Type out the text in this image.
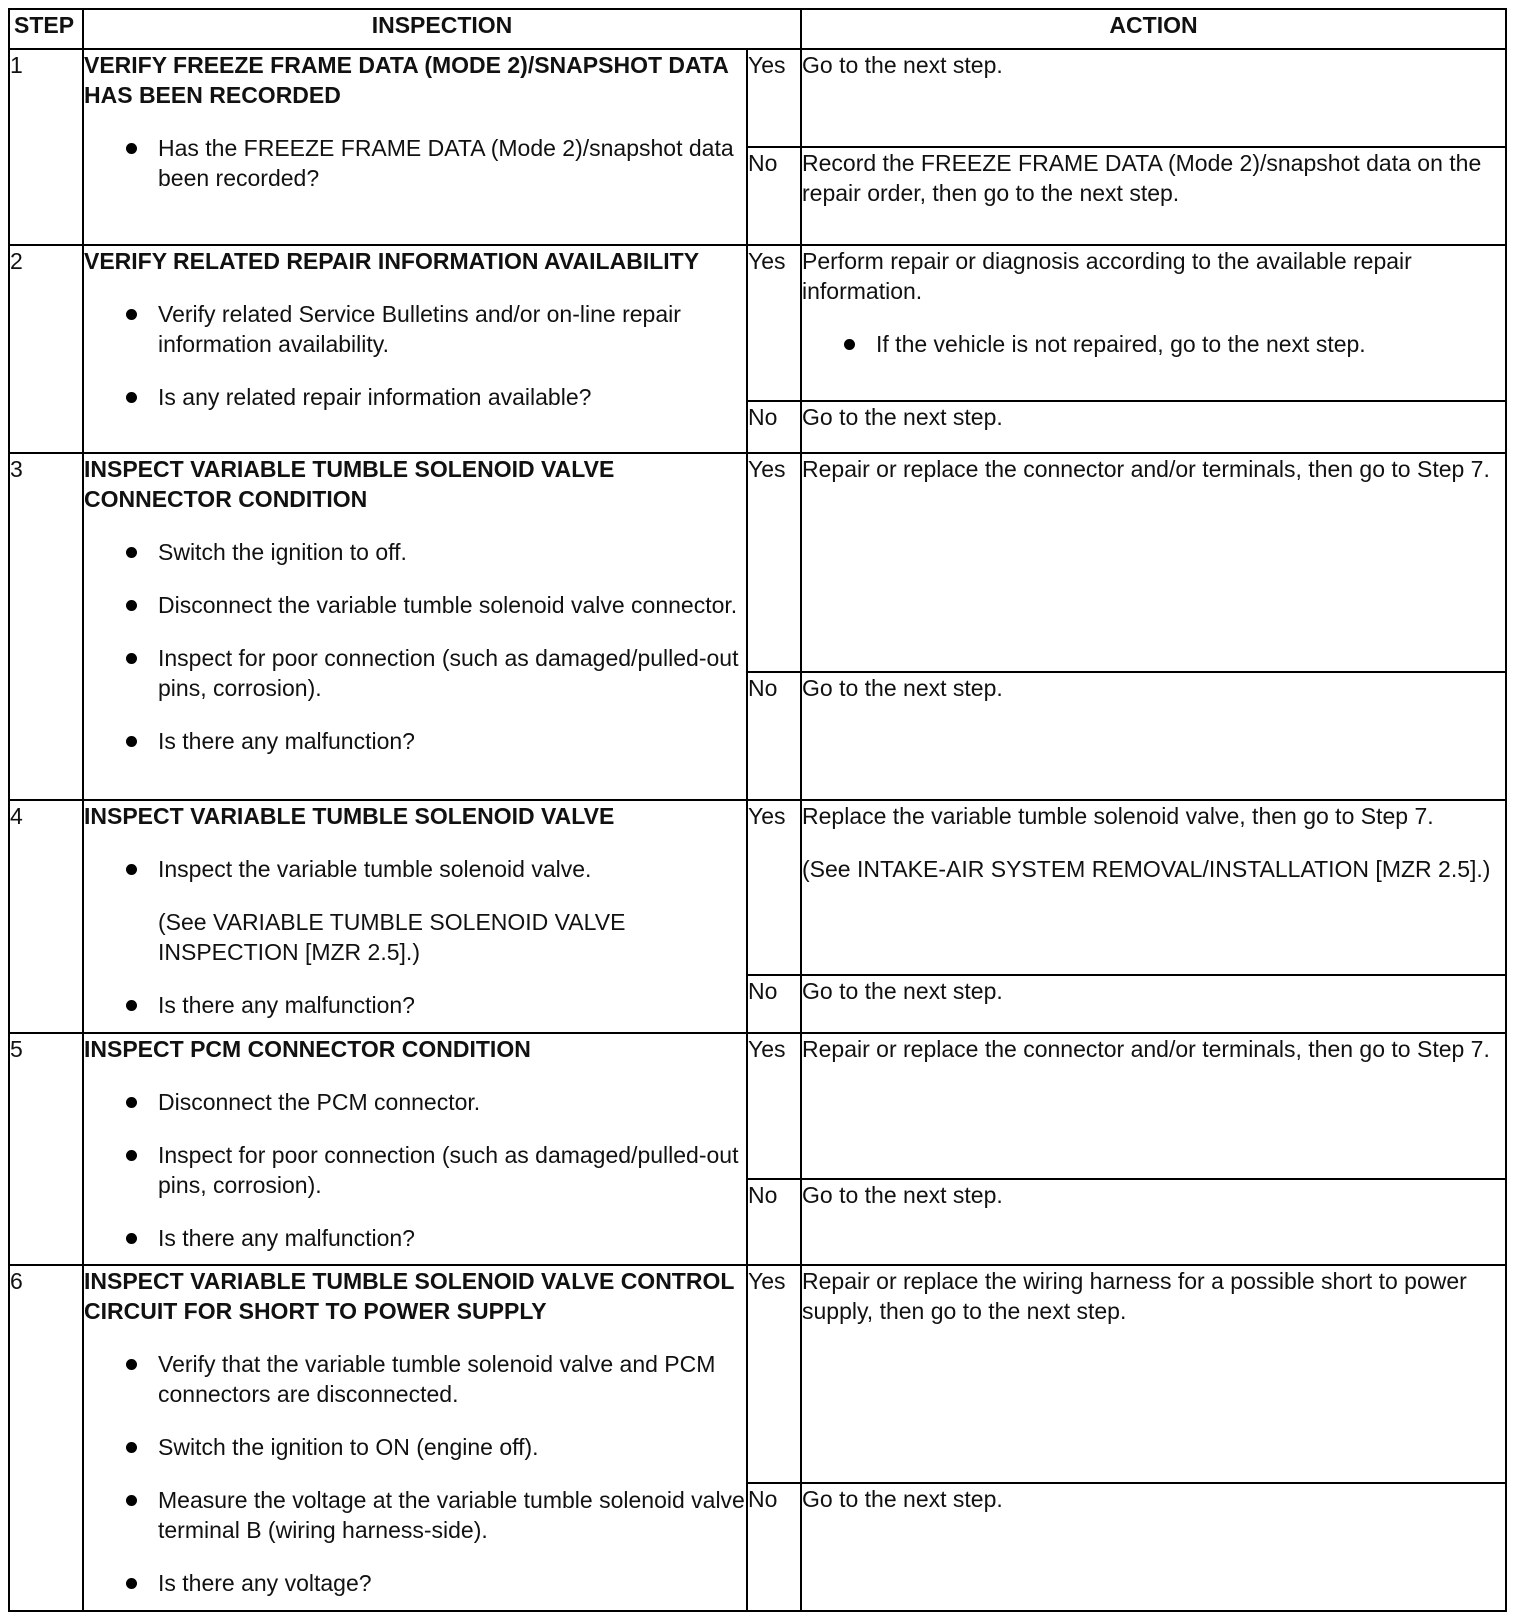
STEP	INSPECTION		ACTION
1	VERIFY FREEZE FRAME DATA (MODE 2)/SNAPSHOT DATA HAS BEEN RECORDED
Has the FREEZE FRAME DATA (Mode 2)/snapshot data been recorded?	Yes	Go to the next step.

		No	Record the FREEZE FRAME DATA (Mode 2)/snapshot data on the repair order, then go to the next step.

2	VERIFY RELATED REPAIR INFORMATION AVAILABILITY
Verify related Service Bulletins and/or on-line repair information availability.
Is any related repair information available?	Yes	Perform repair or diagnosis according to the available repair information.
If the vehicle is not repaired, go to the next step.

		No	Go to the next step.

3	INSPECT VARIABLE TUMBLE SOLENOID VALVE CONNECTOR CONDITION
Switch the ignition to off.
Disconnect the variable tumble solenoid valve connector.
Inspect for poor connection (such as damaged/pulled-out pins, corrosion).
Is there any malfunction?	Yes	Repair or replace the connector and/or terminals, then go to Step 7.

		No	Go to the next step.

4	INSPECT VARIABLE TUMBLE SOLENOID VALVE
Inspect the variable tumble solenoid valve.
(See VARIABLE TUMBLE SOLENOID VALVE INSPECTION [MZR 2.5].)
Is there any malfunction?	Yes	Replace the variable tumble solenoid valve, then go to Step 7.
(See INTAKE-AIR SYSTEM REMOVAL/INSTALLATION [MZR 2.5].)

		No	Go to the next step.

5	INSPECT PCM CONNECTOR CONDITION
Disconnect the PCM connector.
Inspect for poor connection (such as damaged/pulled-out pins, corrosion).
Is there any malfunction?	Yes	Repair or replace the connector and/or terminals, then go to Step 7.

		No	Go to the next step.

6	INSPECT VARIABLE TUMBLE SOLENOID VALVE CONTROL CIRCUIT FOR SHORT TO POWER SUPPLY
Verify that the variable tumble solenoid valve and PCM connectors are disconnected.
Switch the ignition to ON (engine off).
Measure the voltage at the variable tumble solenoid valve terminal B (wiring harness-side).
Is there any voltage?	Yes	Repair or replace the wiring harness for a possible short to power supply, then go to the next step.

		No	Go to the next step.
